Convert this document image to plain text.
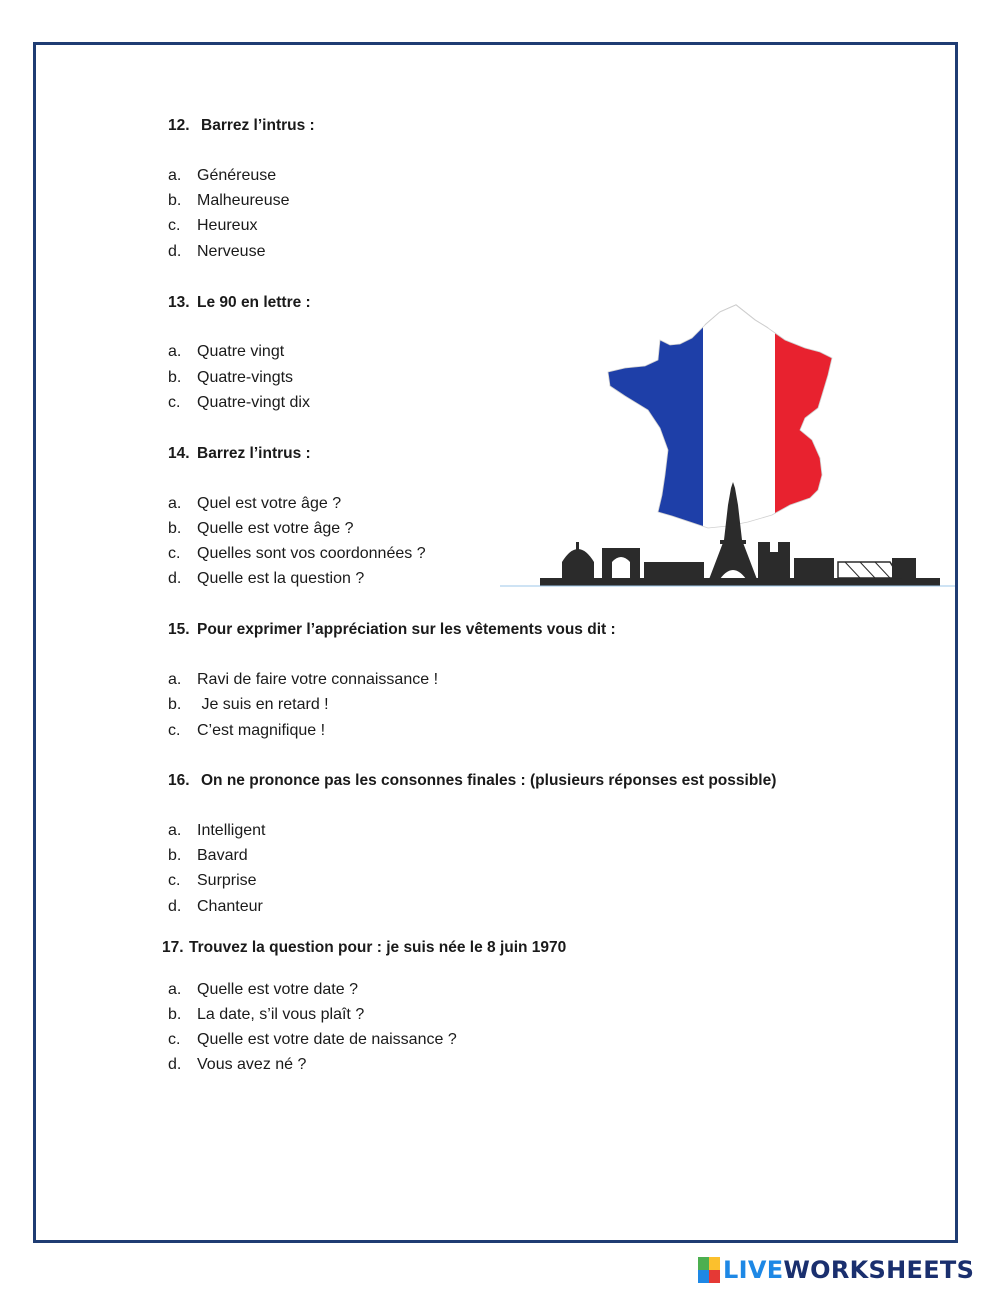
12. Barrez l’intrus :
a. Généreuse
b. Malheureuse
c. Heureux
d. Nerveuse
13. Le 90 en lettre :
a. Quatre vingt
b. Quatre-vingts
c. Quatre-vingt dix
14. Barrez l’intrus :
a. Quel est votre âge ?
b. Quelle est votre âge ?
c. Quelles sont vos coordonnées ?
d. Quelle est la question ?
15. Pour exprimer l’appréciation sur les vêtements vous dit :
a. Ravi de faire votre connaissance !
b. Je suis en retard !
c. C’est magnifique !
16. On ne prononce pas les consonnes finales : (plusieurs réponses est possible)
a. Intelligent
b. Bavard
c. Surprise
d. Chanteur
17. Trouvez la question pour : je suis née le 8 juin 1970
a. Quelle est votre date ?
b. La date, s’il vous plaît ?
c. Quelle est votre date de naissance ?
d. Vous avez né ?
LIVEWORKSHEETS
